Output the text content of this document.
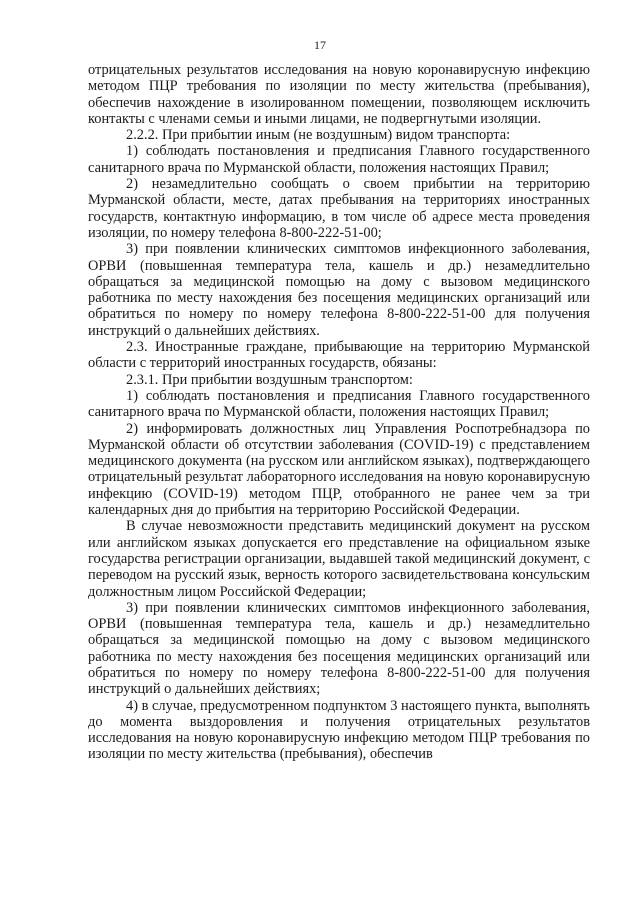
17

отрицательных результатов исследования на новую коронавирусную инфекцию методом ПЦР требования по изоляции по месту жительства (пребывания), обеспечив нахождение в изолированном помещении, позволяющем исключить контакты с членами семьи и иными лицами, не подвергнутыми изоляции.

2.2.2. При прибытии иным (не воздушным) видом транспорта:

1) соблюдать постановления и предписания Главного государственного санитарного врача по Мурманской области, положения настоящих Правил;

2) незамедлительно сообщать о своем прибытии на территорию Мурманской области, месте, датах пребывания на территориях иностранных государств, контактную информацию, в том числе об адресе места проведения изоляции, по номеру телефона 8-800-222-51-00;

3) при появлении клинических симптомов инфекционного заболевания, ОРВИ (повышенная температура тела, кашель и др.) незамедлительно обращаться за медицинской помощью на дому с вызовом медицинского работника по месту нахождения без посещения медицинских организаций или обратиться по номеру по номеру телефона 8-800-222-51-00 для получения инструкций о дальнейших действиях.

2.3. Иностранные граждане, прибывающие на территорию Мурманской области с территорий иностранных государств, обязаны:

2.3.1. При прибытии воздушным транспортом:

1) соблюдать постановления и предписания Главного государственного санитарного врача по Мурманской области, положения настоящих Правил;

2) информировать должностных лиц Управления Роспотребнадзора по Мурманской области об отсутствии заболевания (COVID-19) с представлением медицинского документа (на русском или английском языках), подтверждающего отрицательный результат лабораторного исследования на новую коронавирусную инфекцию (COVID-19) методом ПЦР, отобранного не ранее чем за три календарных дня до прибытия на территорию Российской Федерации.

В случае невозможности представить медицинский документ на русском или английском языках допускается его представление на официальном языке государства регистрации организации, выдавшей такой медицинский документ, с переводом на русский язык, верность которого засвидетельствована консульским должностным лицом Российской Федерации;

3) при появлении клинических симптомов инфекционного заболевания, ОРВИ (повышенная температура тела, кашель и др.) незамедлительно обращаться за медицинской помощью на дому с вызовом медицинского работника по месту нахождения без посещения медицинских организаций или обратиться по номеру по номеру телефона 8-800-222-51-00 для получения инструкций о дальнейших действиях;

4) в случае, предусмотренном подпунктом 3 настоящего пункта, выполнять до момента выздоровления и получения отрицательных результатов исследования на новую коронавирусную инфекцию методом ПЦР требования по изоляции по месту жительства (пребывания), обеспечив
